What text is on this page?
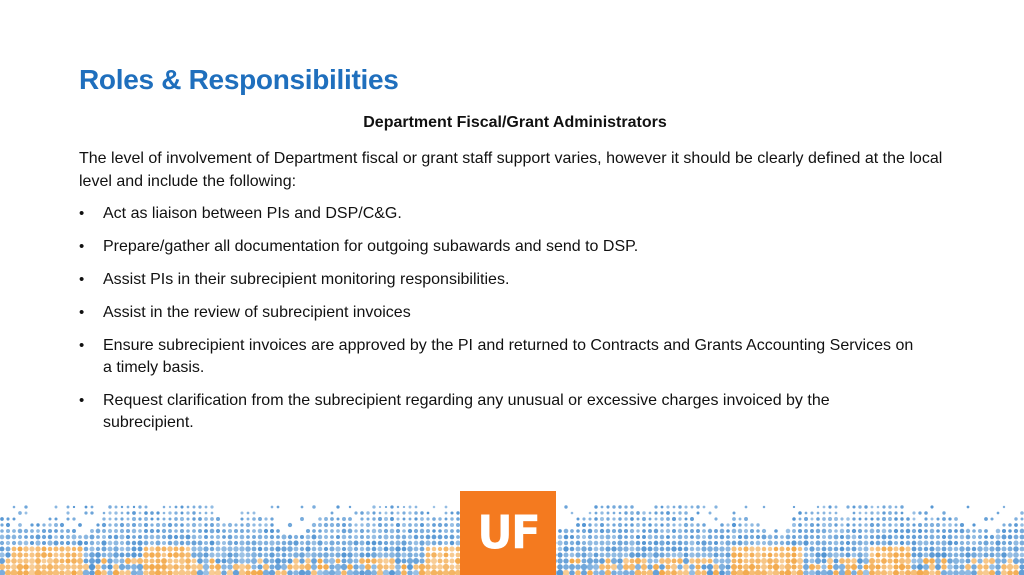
Roles & Responsibilities

Department Fiscal/Grant Administrators

The level of involvement of Department fiscal or grant staff support varies, however it should be clearly defined at the local level and include the following:

• Act as liaison between PIs and DSP/C&G.
• Prepare/gather all documentation for outgoing subawards and send to DSP.
• Assist PIs in their subrecipient monitoring responsibilities.
• Assist in the review of subrecipient invoices
• Ensure subrecipient invoices are approved by the PI and returned to Contracts and Grants Accounting Services on a timely basis.
• Request clarification from the subrecipient regarding any unusual or excessive charges invoiced by the subrecipient.
UF
